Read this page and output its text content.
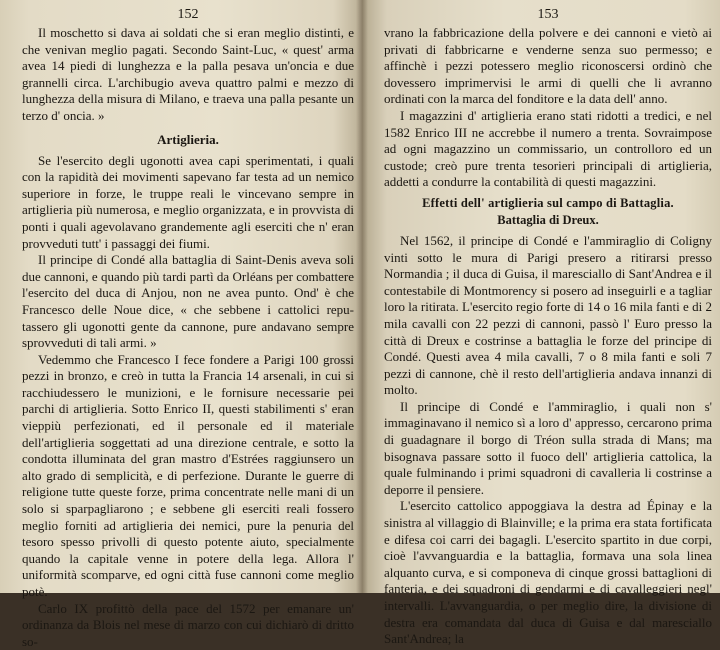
152

Il moschetto si dava ai soldati che si eran meglio distinti, e che venivan meglio pagati. Secondo Saint-Luc, « quest' arma avea 14 piedi di lunghezza e la palla pesava un'oncia e due grannelli circa. L'archibugio aveva quattro palmi e mezzo di lunghezza della misura di Milano, e traeva una palla pesante un terzo d' oncia. »

Artiglieria.

Se l'esercito degli ugonotti avea capi sperimentati, i quali con la rapidità dei movimenti sapevano far testa ad un nemico superiore in forze, le truppe reali le vincevano sempre in artiglieria più numerosa, e meglio organizzata, e in provvista di ponti i quali agevolavano grandemente agli eserciti che n' eran provveduti tutt' i passaggi dei fiumi.

Il principe di Condé alla battaglia di Saint-Denis aveva soli due cannoni, e quando più tardi partì da Orléans per combattere l'esercito del duca di Anjou, non ne avea punto. Ond' è che Francesco delle Noue dice, « che sebbene i cattolici repu-tassero gli ugonotti gente da cannone, pure andavano sempre sprovveduti di tali armi. »

Vedemmo che Francesco I fece fondere a Parigi 100 grossi pezzi in bronzo, e creò in tutta la Francia 14 arsenali, in cui si racchiudessero le munizioni, e le fornisure necessarie pei parchi di artiglieria. Sotto Enrico II, questi stabilimenti s' eran vieppiù perfezionati, ed il personale ed il materiale dell'artiglieria soggettati ad una direzione centrale, e sotto la condotta illuminata del gran mastro d'Estrées raggiunsero un alto grado di semplicità, e di perfezione. Durante le guerre di religione tutte queste forze, prima concentrate nelle mani di un solo si sparpagliarono ; e sebbene gli eserciti reali fossero meglio forniti ad artiglieria dei nemici, pure la penuria del tesoro spesso privolli di questo potente aiuto, specialmente quando la capitale venne in potere della lega. Allora l' uniformità scomparve, ed ogni città fuse cannoni come meglio potè.

Carlo IX profittò della pace del 1572 per emanare un' ordinanza da Blois nel mese di marzo con cui dichiarò di dritto so-

153

vrano la fabbricazione della polvere e dei cannoni e vietò ai privati di fabbricarne e venderne senza suo permesso; e affinchè i pezzi potessero meglio riconoscersi ordinò che dovessero imprimervisi le armi di quelli che li avranno ordinati con la marca del fonditore e la data dell' anno.

I magazzini d' artiglieria erano stati ridotti a tredici, e nel 1582 Enrico III ne accrebbe il numero a trenta. Sovraimpose ad ogni magazzino un commissario, un controlloro ed un custode; creò pure trenta tesorieri principali di artiglieria, addetti a condurre la contabilità di questi magazzini.

Effetti dell' artiglieria sul campo di Battaglia.
Battaglia di Dreux.

Nel 1562, il principe di Condé e l'ammiraglio di Coligny vinti sotto le mura di Parigi presero a ritirarsi presso Normandia ; il duca di Guisa, il maresciallo di Sant'Andrea e il contestabile di Montmorency si posero ad inseguirli e a tagliar loro la ritirata. L'esercito regio forte di 14 o 16 mila fanti e di 2 mila cavalli con 22 pezzi di cannoni, passò l' Euro presso la città di Dreux e costrinse a battaglia le forze del principe di Condé. Questi avea 4 mila cavalli, 7 o 8 mila fanti e soli 7 pezzi di cannone, chè il resto dell'artiglieria andava innanzi di molto.

Il principe di Condé e l'ammiraglio, i quali non s' immaginavano il nemico sì a loro d' appresso, cercarono prima di guadagnare il borgo di Tréon sulla strada di Mans; ma bisognava passare sotto il fuoco dell' artiglieria cattolica, la quale fulminando i primi squadroni di cavalleria li costrinse a deporre il pensiere.

L'esercito cattolico appoggiava la destra ad Épinay e la sinistra al villaggio di Blainville; e la prima era stata fortificata e difesa coi carri dei bagagli. L'esercito spartito in due corpi, cioè l'avvanguardia e la battaglia, formava una sola linea alquanto curva, e si componeva di cinque grossi battaglioni di fanteria, e dei squadroni di gendarmi e di cavalleggieri negl' intervalli. L'avvanguardia, o per meglio dire, la divisione di destra era comandata dal duca di Guisa e dal maresciallo Sant'Andrea; la
